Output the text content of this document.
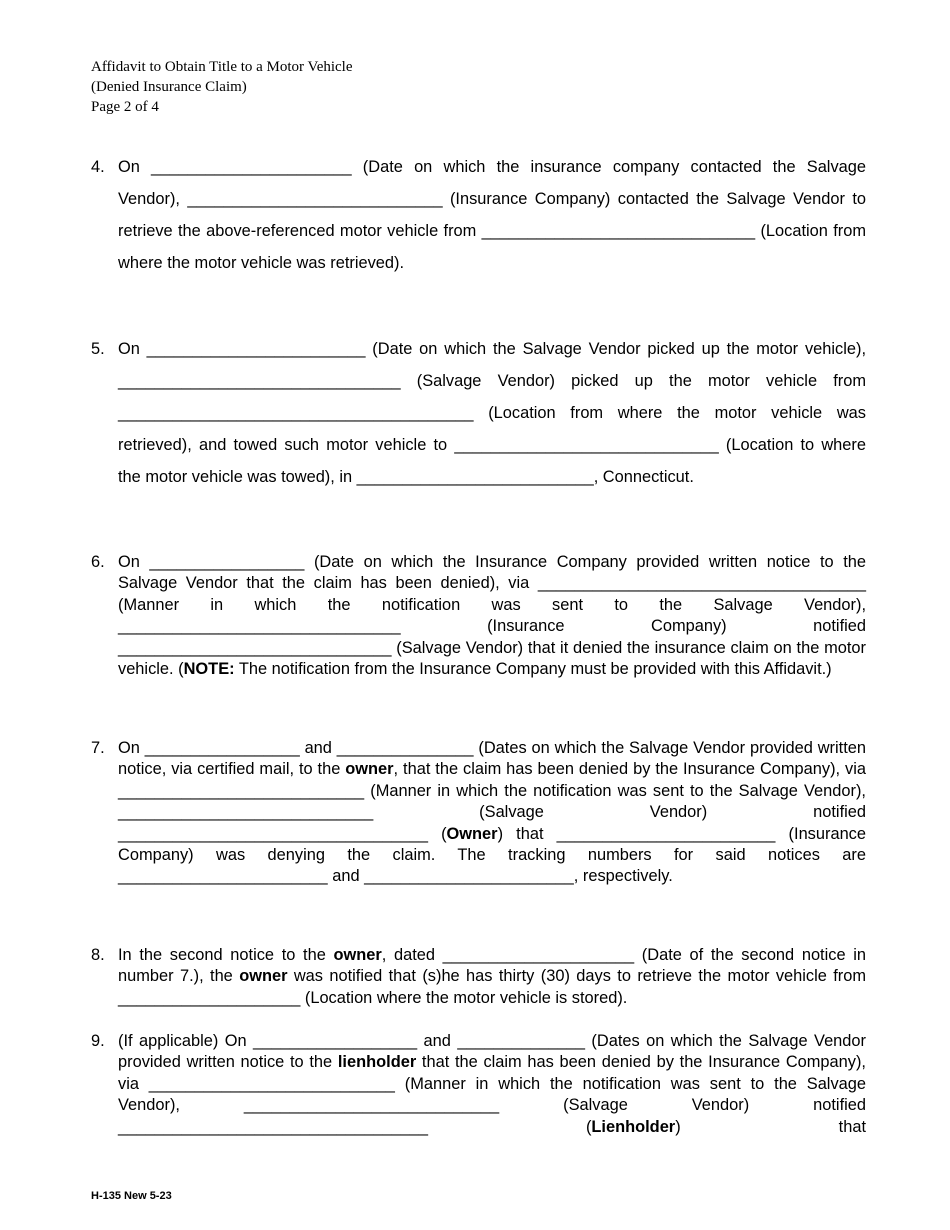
Affidavit to Obtain Title to a Motor Vehicle
(Denied Insurance Claim)
Page 2 of 4
4. On ______________________ (Date on which the insurance company contacted the Salvage Vendor), ____________________________ (Insurance Company) contacted the Salvage Vendor to retrieve the above-referenced motor vehicle from ______________________________ (Location from where the motor vehicle was retrieved).
5. On ________________________ (Date on which the Salvage Vendor picked up the motor vehicle), _______________________________ (Salvage Vendor) picked up the motor vehicle from _______________________________________ (Location from where the motor vehicle was retrieved), and towed such motor vehicle to _____________________________ (Location to where the motor vehicle was towed), in __________________________, Connecticut.
6. On _________________ (Date on which the Insurance Company provided written notice to the Salvage Vendor that the claim has been denied), via ____________________________________ (Manner in which the notification was sent to the Salvage Vendor), _______________________________ (Insurance Company) notified ______________________________ (Salvage Vendor) that it denied the insurance claim on the motor vehicle. (NOTE: The notification from the Insurance Company must be provided with this Affidavit.)
7. On _________________ and _______________ (Dates on which the Salvage Vendor provided written notice, via certified mail, to the owner, that the claim has been denied by the Insurance Company), via ___________________________ (Manner in which the notification was sent to the Salvage Vendor), ____________________________ (Salvage Vendor) notified __________________________________ (Owner) that ________________________ (Insurance Company) was denying the claim. The tracking numbers for said notices are _______________________ and _______________________, respectively.
8. In the second notice to the owner, dated _____________________ (Date of the second notice in number 7.), the owner was notified that (s)he has thirty (30) days to retrieve the motor vehicle from ____________________ (Location where the motor vehicle is stored).
9. (If applicable) On __________________ and ______________ (Dates on which the Salvage Vendor provided written notice to the lienholder that the claim has been denied by the Insurance Company), via ___________________________ (Manner in which the notification was sent to the Salvage Vendor), ____________________________ (Salvage Vendor) notified __________________________________ (Lienholder) that
H-135 New 5-23
